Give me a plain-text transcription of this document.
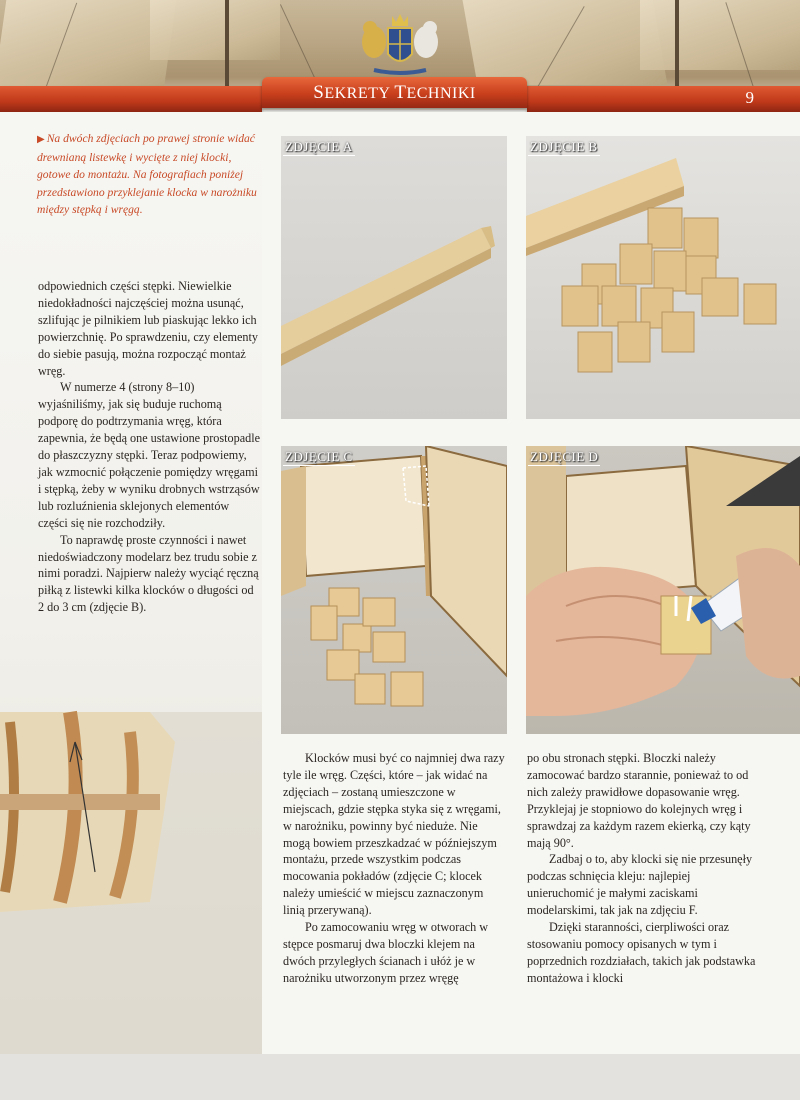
SEKRETY TECHNIKI	9
▶ Na dwóch zdjęciach po prawej stronie widać drewnianą listewkę i wycięte z niej klocki, gotowe do montażu. Na fotografiach poniżej przedstawiono przyklejanie klocka w narożniku między stępką i wręgą.
ZDJĘCIE A	ZDJĘCIE B
ZDJĘCIE C	ZDJĘCIE D

odpowiednich części stępki. Niewielkie niedokładności najczęściej można usunąć, szlifując je pilnikiem lub piaskując lekko ich powierzchnię. Po sprawdzeniu, czy elementy do siebie pasują, można rozpocząć montaż wręg.

W numerze 4 (strony 8–10) wyjaśniliśmy, jak się buduje ruchomą podporę do podtrzymania wręg, która zapewnia, że będą one ustawione prostopadle do płaszczyzny stępki. Teraz podpowiemy, jak wzmocnić połączenie pomiędzy wręgami i stępką, żeby w wyniku drobnych wstrząsów lub rozluźnienia sklejonych elementów części się nie rozchodziły.

To naprawdę proste czynności i nawet niedoświadczony modelarz bez trudu sobie z nimi poradzi. Najpierw należy wyciąć ręczną piłką z listewki kilka klocków o długości od 2 do 3 cm (zdjęcie B).

Klocków musi być co najmniej dwa razy tyle ile wręg. Części, które – jak widać na zdjęciach – zostaną umieszczone w miejscach, gdzie stępka styka się z wręgami, w narożniku, powinny być nieduże. Nie mogą bowiem przeszkadzać w późniejszym montażu, przede wszystkim podczas mocowania pokładów (zdjęcie C; klocek należy umieścić w miejscu zaznaczonym linią przerywaną).

Po zamocowaniu wręg w otworach w stępce posmaruj dwa bloczki klejem na dwóch przyległych ścianach i ułóż je w narożniku utworzonym przez wręgę

po obu stronach stępki. Bloczki należy zamocować bardzo starannie, ponieważ to od nich zależy prawidłowe dopasowanie wręg. Przyklejaj je stopniowo do kolejnych wręg i sprawdzaj za każdym razem ekierką, czy kąty mają 90°.

Zadbaj o to, aby klocki się nie przesunęły podczas schnięcia kleju: najlepiej unieruchomić je małymi zaciskami modelarskimi, tak jak na zdjęciu F.

Dzięki staranności, cierpliwości oraz stosowaniu pomocy opisanych w tym i poprzednich rozdziałach, takich jak podstawka montażowa i klocki
